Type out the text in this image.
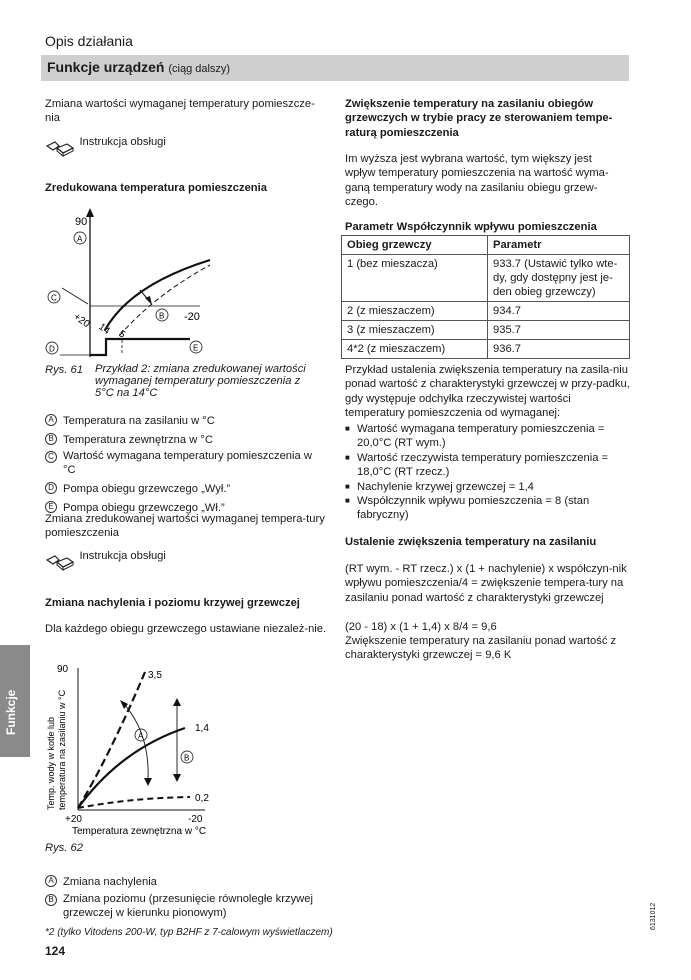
Opis działania
Funkcje urządzeń (ciąg dalszy)
Funkcje
Zmiana wartości wymaganej temperatury pomieszcze-nia
$^{Instrukcja obsługi}$
Zredukowana temperatura pomieszczenia
90
A
C
+20 14 5
B -20
D	E
Rys. 61	Przykład 2: zmiana zredukowanej wartości wymaganej temperatury pomieszczenia z 5°C na 14°C
A Temperatura na zasilaniu w °C
B Temperatura zewnętrzna w °C
C Wartość wymagana temperatury pomieszczenia w °C
D Pompa obiegu grzewczego „Wył.”
E Pompa obiegu grzewczego „Wł.”
Zmiana zredukowanej wartości wymaganej tempera-tury pomieszczenia
$^{Instrukcja obsługi}$
Zmiana nachylenia i poziomu krzywej grzewczej
Dla każdego obiegu grzewczego ustawiane niezależ-nie.
90
Temp. wody w kotle lub temperatura na zasilaniu w °C
3,5
1,4
0,2
A
B
+20	-20
Temperatura zewnętrzna w °C
Rys. 62
A Zmiana nachylenia
B Zmiana poziomu (przesunięcie równoległe krzywej grzewczej w kierunku pionowym)
*2 (tylko Vitodens 200-W, typ B2HF z 7-calowym wyświetlaczem)
124
6131012
Zwiększenie temperatury na zasilaniu obiegów grzewczych w trybie pracy ze sterowaniem tempe-raturą pomieszczenia
Im wyższa jest wybrana wartość, tym większy jest wpływ temperatury pomieszczenia na wartość wyma-ganą temperatury wody na zasilaniu obiegu grzew-czego.
Parametr Współczynnik wpływu pomieszczenia
Obieg grzewczy	Parametr
1 (bez mieszacza)	933.7 (Ustawić tylko wte-dy, gdy dostępny jest je-den obieg grzewczy)
2 (z mieszaczem)	934.7
3 (z mieszaczem)	935.7
4*2 (z mieszaczem)	936.7
Przykład ustalenia zwiększenia temperatury na zasila-niu ponad wartość z charakterystyki grzewczej w przy-padku, gdy występuje odchyłka rzeczywistej wartości temperatury pomieszczenia od wymaganej:
■ Wartość wymagana temperatury pomieszczenia = 20,0°C (RT wym.)
■ Wartość rzeczywista temperatury pomieszczenia = 18,0°C (RT rzecz.)
■ Nachylenie krzywej grzewczej = 1,4
■ Współczynnik wpływu pomieszczenia = 8 (stan fabryczny)
Ustalenie zwiększenia temperatury na zasilaniu
(RT wym. - RT rzecz.) x (1 + nachylenie) x współczyn-nik wpływu pomieszczenia/4 = zwiększenie tempera-tury na zasilaniu ponad wartość z charakterystyki grzewczej
(20 - 18) x (1 + 1,4) x 8/4 = 9,6
Zwiększenie temperatury na zasilaniu ponad wartość z charakterystyki grzewczej = 9,6 K
